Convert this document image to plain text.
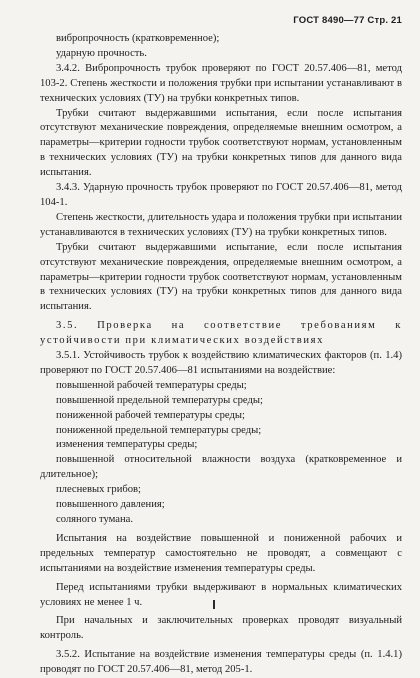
ГОСТ 8490—77 Стр. 21

вибропрочность (кратковременное);

ударную прочность.

3.4.2. Вибропрочность трубок проверяют по ГОСТ 20.57.406—81, метод 103-2. Степень жесткости и положения трубки при испытании устанавливают в технических условиях (ТУ) на трубки конкретных типов.

Трубки считают выдержавшими испытания, если после испытания отсутствуют механические повреждения, определяемые внешним осмотром, а параметры—критерии годности трубок соответствуют нормам, установленным в технических условиях (ТУ) на трубки конкретных типов для данного вида испытания.

3.4.3. Ударную прочность трубок проверяют по ГОСТ 20.57.406—81, метод 104-1.

Степень жесткости, длительность удара и положения трубки при испытании устанавливаются в технических условиях (ТУ) на трубки конкретных типов.

Трубки считают выдержавшими испытание, если после испытания отсутствуют механические повреждения, определяемые внешним осмотром, а параметры—критерии годности трубок соответствуют нормам, установленным в технических условиях (ТУ) на трубки конкретных типов для данного вида испытания.

3.5. Проверка на соответствие требованиям к устойчивости при климатических воздействиях

3.5.1. Устойчивость трубок к воздействию климатических факторов (п. 1.4) проверяют по ГОСТ 20.57.406—81 испытаниями на воздействие:

повышенной рабочей температуры среды;

повышенной предельной температуры среды;

пониженной рабочей температуры среды;

пониженной предельной температуры среды;

изменения температуры среды;

повышенной относительной влажности воздуха (кратковременное и длительное);

плесневых грибов;

повышенного давления;

соляного тумана.

Испытания на воздействие повышенной и пониженной рабочих и предельных температур самостоятельно не проводят, а совмещают с испытаниями на воздействие изменения температуры среды.

Перед испытаниями трубки выдерживают в нормальных климатических условиях не менее 1 ч.

При начальных и заключительных проверках проводят визуальный контроль.

3.5.2. Испытание на воздействие изменения температуры среды (п. 1.4.1) проводят по ГОСТ 20.57.406—81, метод 205-1.
